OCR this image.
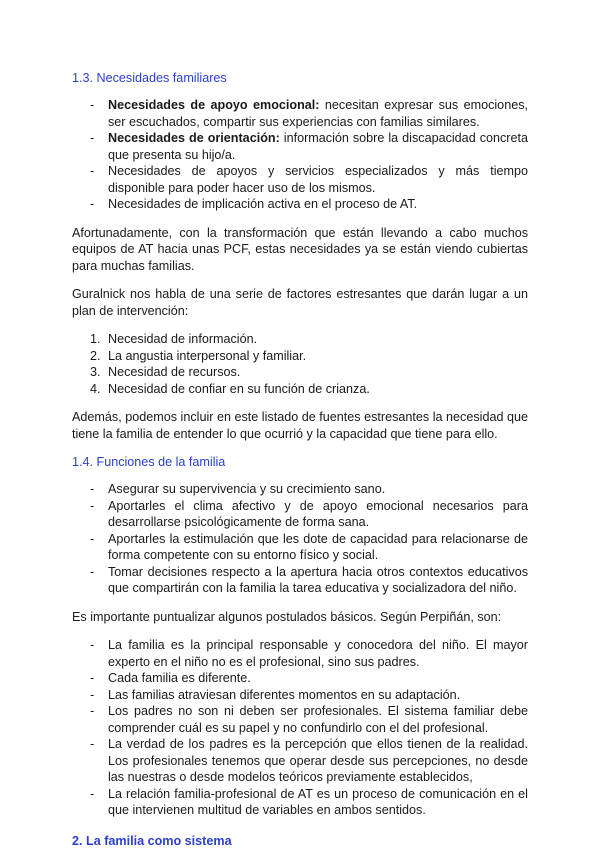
1.3. Necesidades familiares
- Necesidades de apoyo emocional: necesitan expresar sus emociones, ser escuchados, compartir sus experiencias con familias similares.
- Necesidades de orientación: información sobre la discapacidad concreta que presenta su hijo/a.
- Necesidades de apoyos y servicios especializados y más tiempo disponible para poder hacer uso de los mismos.
- Necesidades de implicación activa en el proceso de AT.

Afortunadamente, con la transformación que están llevando a cabo muchos equipos de AT hacia unas PCF, estas necesidades ya se están viendo cubiertas para muchas familias.

Guralnick nos habla de una serie de factores estresantes que darán lugar a un plan de intervención:

1. Necesidad de información.
2. La angustia interpersonal y familiar.
3. Necesidad de recursos.
4. Necesidad de confiar en su función de crianza.

Además, podemos incluir en este listado de fuentes estresantes la necesidad que tiene la familia de entender lo que ocurrió y la capacidad que tiene para ello.

1.4. Funciones de la familia
- Asegurar su supervivencia y su crecimiento sano.
- Aportarles el clima afectivo y de apoyo emocional necesarios para desarrollarse psicológicamente de forma sana.
- Aportarles la estimulación que les dote de capacidad para relacionarse de forma competente con su entorno físico y social.
- Tomar decisiones respecto a la apertura hacia otros contextos educativos que compartirán con la familia la tarea educativa y socializadora del niño.

Es importante puntualizar algunos postulados básicos. Según Perpiñán, son:

- La familia es la principal responsable y conocedora del niño. El mayor experto en el niño no es el profesional, sino sus padres.
- Cada familia es diferente.
- Las familias atraviesan diferentes momentos en su adaptación.
- Los padres no son ni deben ser profesionales. El sistema familiar debe comprender cuál es su papel y no confundirlo con el del profesional.
- La verdad de los padres es la percepción que ellos tienen de la realidad. Los profesionales tenemos que operar desde sus percepciones, no desde las nuestras o desde modelos teóricos previamente establecidos,
- La relación familia-profesional de AT es un proceso de comunicación en el que intervienen multitud de variables en ambos sentidos.
2. La familia como sistema
